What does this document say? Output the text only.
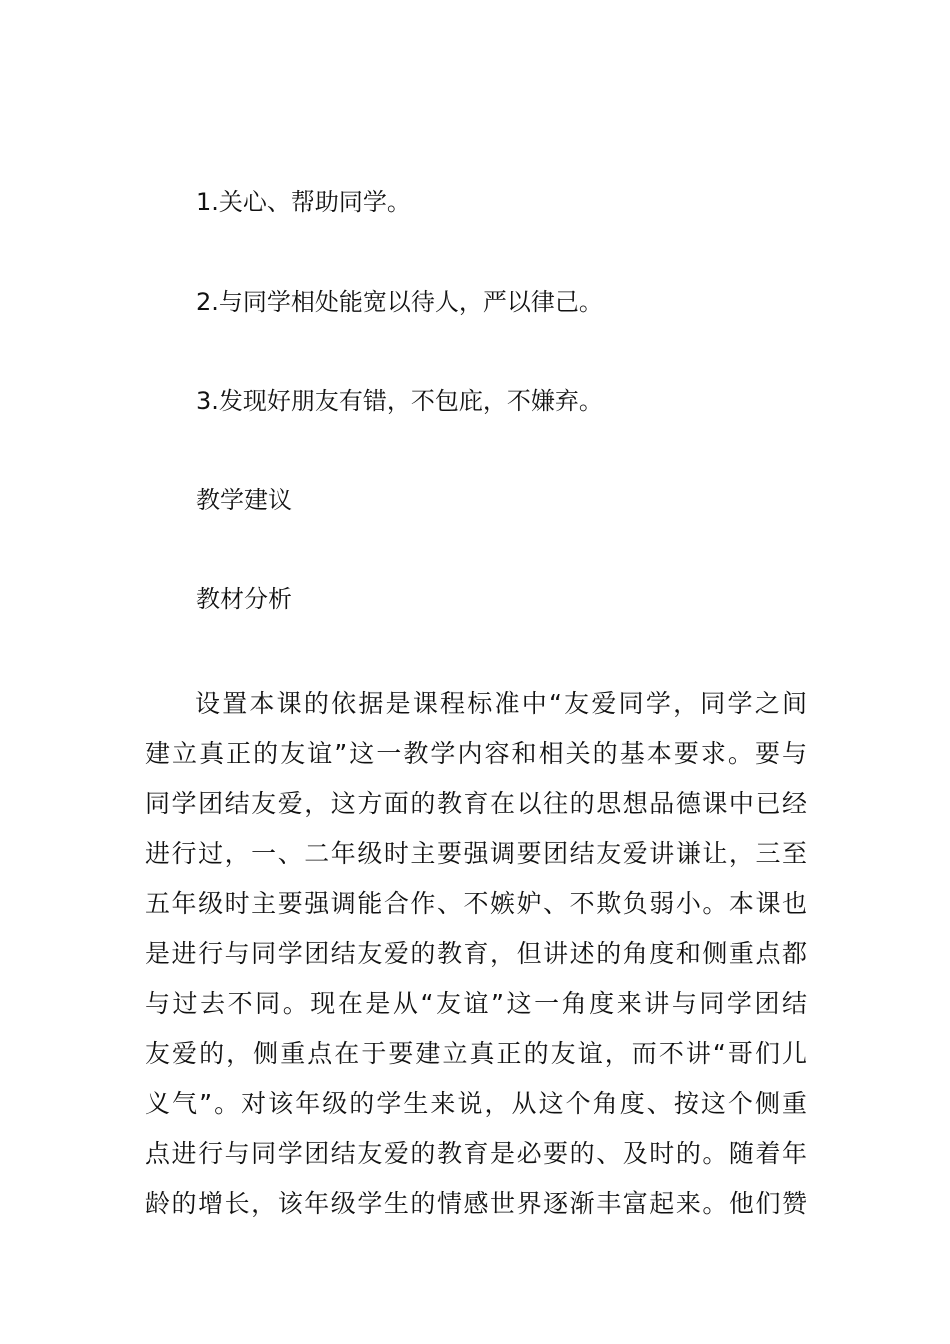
1.关心、帮助同学。
2.与同学相处能宽以待人，严以律己。
3.发现好朋友有错，不包庇，不嫌弃。
教学建议
教材分析
设置本课的依据是课程标准中“友爱同学，同学之间
建立真正的友谊”这一教学内容和相关的基本要求。要与
同学团结友爱，这方面的教育在以往的思想品德课中已经
进行过，一、二年级时主要强调要团结友爱讲谦让，三至
五年级时主要强调能合作、不嫉妒、不欺负弱小。本课也
是进行与同学团结友爱的教育，但讲述的角度和侧重点都
与过去不同。现在是从“友谊”这一角度来讲与同学团结
友爱的，侧重点在于要建立真正的友谊，而不讲“哥们儿
义气”。对该年级的学生来说，从这个角度、按这个侧重
点进行与同学团结友爱的教育是必要的、及时的。随着年
龄的增长，该年级学生的情感世界逐渐丰富起来。他们赞
